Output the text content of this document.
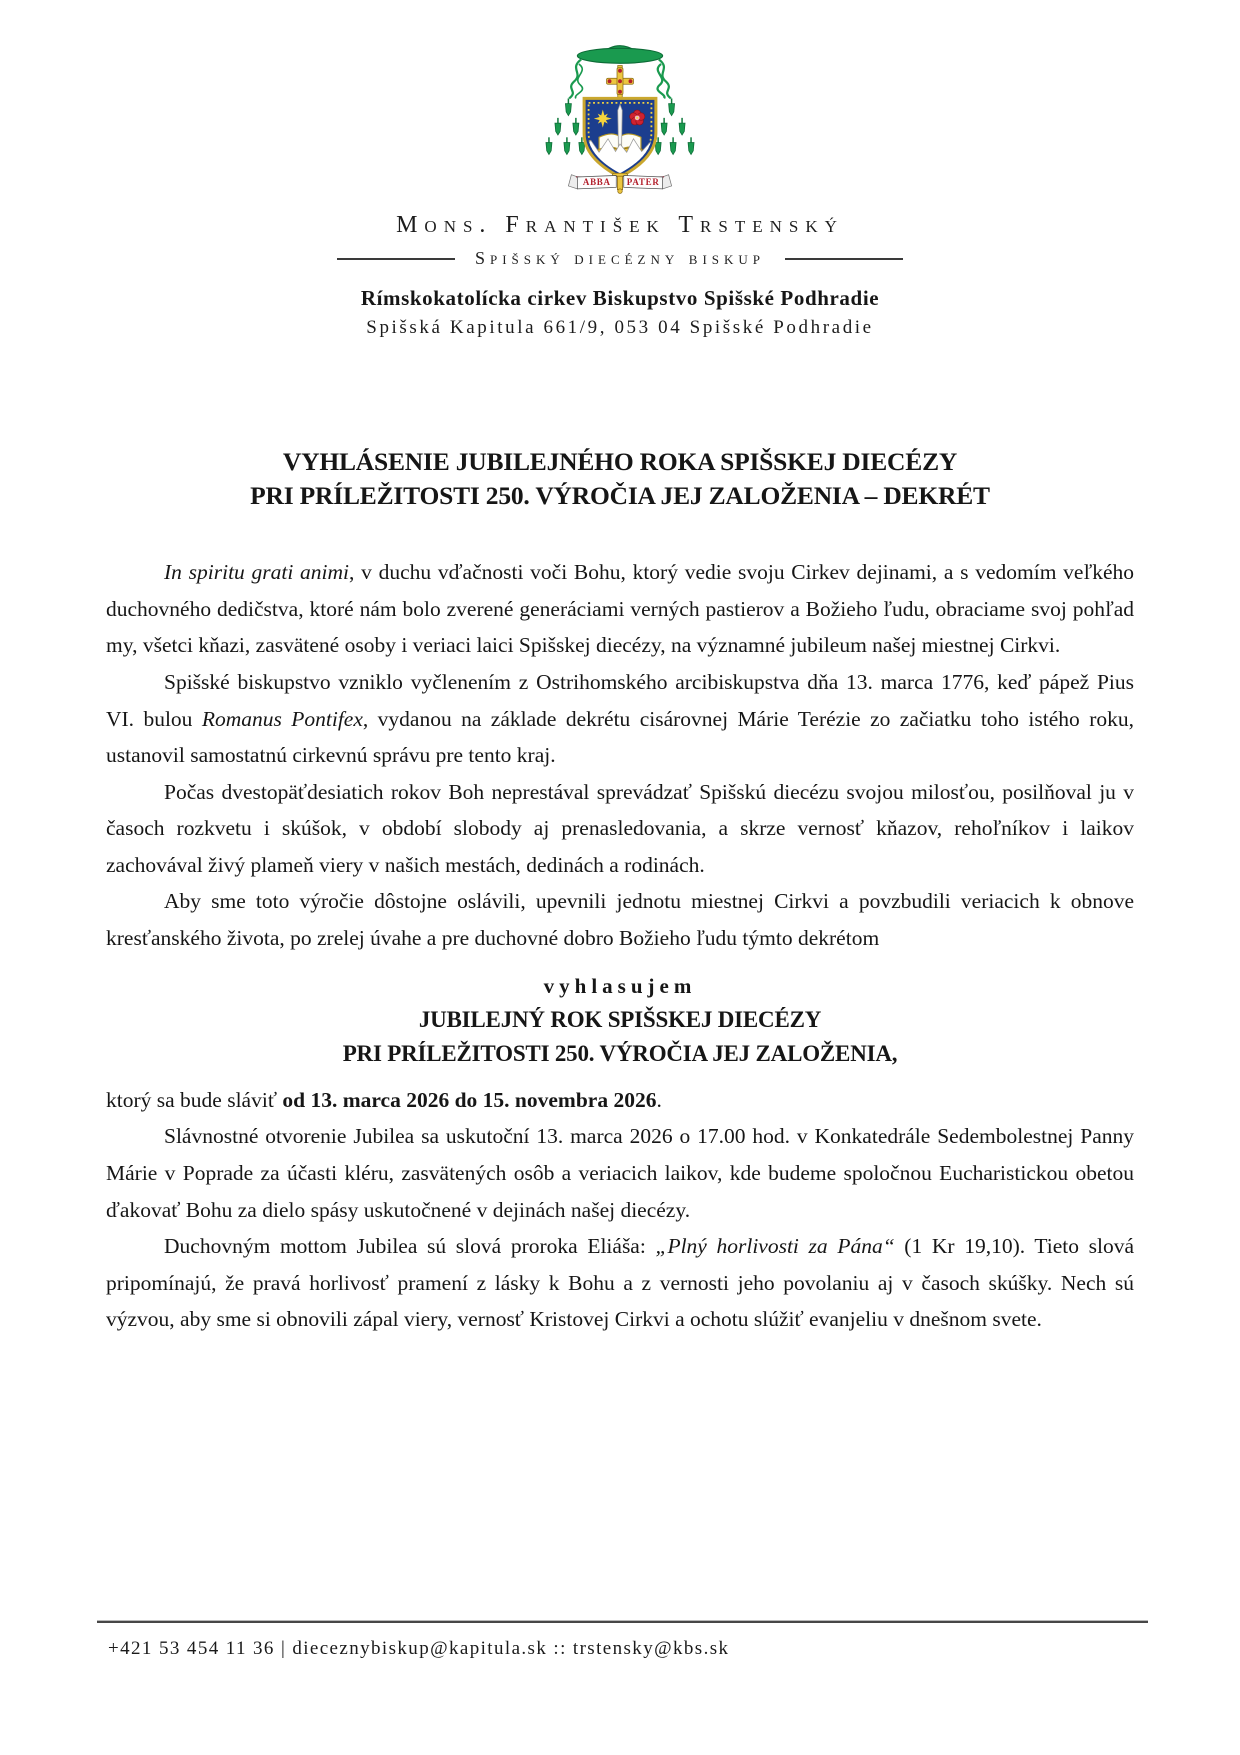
ABBA PATER
Mons. František Trstenský
Spišský diecézny biskup
Rímskokatolícka cirkev Biskupstvo Spišské Podhradie
Spišská Kapitula 661/9, 053 04 Spišské Podhradie
VYHLÁSENIE JUBILEJNÉHO ROKA SPIŠSKEJ DIECÉZY
PRI PRÍLEŽITOSTI 250. VÝROČIA JEJ ZALOŽENIA – DEKRÉT

In spiritu grati animi, v duchu vďačnosti voči Bohu, ktorý vedie svoju Cirkev dejinami, a s vedomím veľkého duchovného dedičstva, ktoré nám bolo zverené generáciami verných pastierov a Božieho ľudu, obraciame svoj pohľad my, všetci kňazi, zasvätené osoby i veriaci laici Spišskej diecézy, na významné jubileum našej miestnej Cirkvi.

Spišské biskupstvo vzniklo vyčlenením z Ostrihomského arcibiskupstva dňa 13. marca 1776, keď pápež Pius VI. bulou Romanus Pontifex, vydanou na základe dekrétu cisárovnej Márie Terézie zo začiatku toho istého roku, ustanovil samostatnú cirkevnú správu pre tento kraj.

Počas dvestopäťdesiatich rokov Boh neprestával sprevádzať Spišskú diecézu svojou milosťou, posilňoval ju v časoch rozkvetu i skúšok, v období slobody aj prenasledovania, a skrze vernosť kňazov, rehoľníkov i laikov zachovával živý plameň viery v našich mestách, dedinách a rodinách.

Aby sme toto výročie dôstojne oslávili, upevnili jednotu miestnej Cirkvi a povzbudili veriacich k obnove kresťanského života, po zrelej úvahe a pre duchovné dobro Božieho ľudu týmto dekrétom

vyhlasujem
JUBILEJNÝ ROK SPIŠSKEJ DIECÉZY
PRI PRÍLEŽITOSTI 250. VÝROČIA JEJ ZALOŽENIA,

ktorý sa bude sláviť od 13. marca 2026 do 15. novembra 2026.

Slávnostné otvorenie Jubilea sa uskutoční 13. marca 2026 o 17.00 hod. v Konkatedrále Sedembolestnej Panny Márie v Poprade za účasti kléru, zasvätených osôb a veriacich laikov, kde budeme spoločnou Eucharistickou obetou ďakovať Bohu za dielo spásy uskutočnené v dejinách našej diecézy.

Duchovným mottom Jubilea sú slová proroka Eliáša: „Plný horlivosti za Pána“ (1 Kr 19,10). Tieto slová pripomínajú, že pravá horlivosť pramení z lásky k Bohu a z vernosti jeho povolaniu aj v časoch skúšky. Nech sú výzvou, aby sme si obnovili zápal viery, vernosť Kristovej Cirkvi a ochotu slúžiť evanjeliu v dnešnom svete.

+421 53 454 11 36 | dieceznybiskup@kapitula.sk :: trstensky@kbs.sk
